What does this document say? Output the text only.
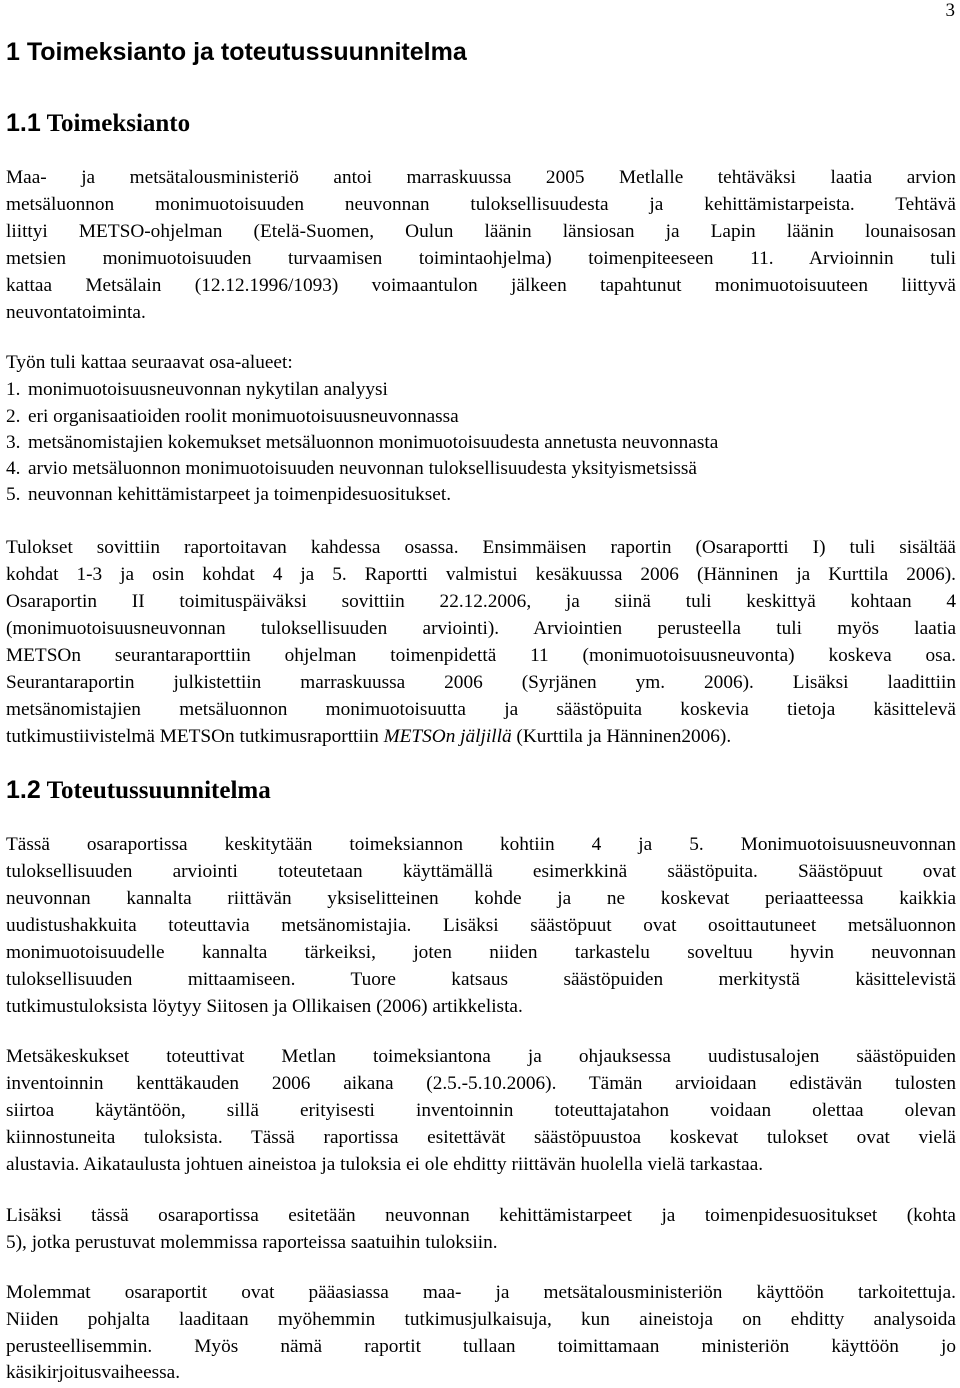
3
1 Toimeksianto ja toteutussuunnitelma
1.1 Toimeksianto
Maa- ja metsätalousministeriö antoi marraskuussa 2005 Metlalle tehtäväksi laatia arvion
metsäluonnon monimuotoisuuden neuvonnan tuloksellisuudesta ja kehittämistarpeista. Tehtävä
liittyi METSO-ohjelman (Etelä-Suomen, Oulun läänin länsiosan ja Lapin läänin lounaisosan
metsien monimuotoisuuden turvaamisen toimintaohjelma) toimenpiteeseen 11. Arvioinnin tuli
kattaa Metsälain (12.12.1996/1093) voimaantulon jälkeen tapahtunut monimuotoisuuteen liittyvä
neuvontatoiminta.
Työn tuli kattaa seuraavat osa-alueet:
1. monimuotoisuusneuvonnan nykytilan analyysi
2. eri organisaatioiden roolit monimuotoisuusneuvonnassa
3. metsänomistajien kokemukset metsäluonnon monimuotoisuudesta annetusta neuvonnasta
4. arvio metsäluonnon monimuotoisuuden neuvonnan tuloksellisuudesta yksityismetsissä
5. neuvonnan kehittämistarpeet ja toimenpidesuositukset.
Tulokset sovittiin raportoitavan kahdessa osassa. Ensimmäisen raportin (Osaraportti I) tuli sisältää
kohdat 1-3 ja osin kohdat 4 ja 5. Raportti valmistui kesäkuussa 2006 (Hänninen ja Kurttila 2006).
Osaraportin II toimituspäiväksi sovittiin 22.12.2006, ja siinä tuli keskittyä kohtaan 4
(monimuotoisuusneuvonnan tuloksellisuuden arviointi). Arviointien perusteella tuli myös laatia
METSOn seurantaraporttiin ohjelman toimenpidettä 11 (monimuotoisuusneuvonta) koskeva osa.
Seurantaraportin julkistettiin marraskuussa 2006 (Syrjänen ym. 2006). Lisäksi laadittiin
metsänomistajien metsäluonnon monimuotoisuutta ja säästöpuita koskevia tietoja käsittelevä
tutkimustiivistelmä METSOn tutkimusraporttiin METSOn jäljillä (Kurttila ja Hänninen2006).
1.2 Toteutussuunnitelma
Tässä osaraportissa keskitytään toimeksiannon kohtiin 4 ja 5. Monimuotoisuusneuvonnan
tuloksellisuuden arviointi toteutetaan käyttämällä esimerkkinä säästöpuita. Säästöpuut ovat
neuvonnan kannalta riittävän yksiselitteinen kohde ja ne koskevat periaatteessa kaikkia
uudistushakkuita toteuttavia metsänomistajia. Lisäksi säästöpuut ovat osoittautuneet metsäluonnon
monimuotoisuudelle kannalta tärkeiksi, joten niiden tarkastelu soveltuu hyvin neuvonnan
tuloksellisuuden mittaamiseen. Tuore katsaus säästöpuiden merkitystä käsittelevistä
tutkimustuloksista löytyy Siitosen ja Ollikaisen (2006) artikkelista.
Metsäkeskukset toteuttivat Metlan toimeksiantona ja ohjauksessa uudistusalojen säästöpuiden
inventoinnin kenttäkauden 2006 aikana (2.5.-5.10.2006). Tämän arvioidaan edistävän tulosten
siirtoa käytäntöön, sillä erityisesti inventoinnin toteuttajatahon voidaan olettaa olevan
kiinnostuneita tuloksista. Tässä raportissa esitettävät säästöpuustoa koskevat tulokset ovat vielä
alustavia. Aikataulusta johtuen aineistoa ja tuloksia ei ole ehditty riittävän huolella vielä tarkastaa.
Lisäksi tässä osaraportissa esitetään neuvonnan kehittämistarpeet ja toimenpidesuositukset (kohta
5), jotka perustuvat molemmissa raporteissa saatuihin tuloksiin.
Molemmat osaraportit ovat pääasiassa maa- ja metsätalousministeriön käyttöön tarkoitettuja.
Niiden pohjalta laaditaan myöhemmin tutkimusjulkaisuja, kun aineistoja on ehditty analysoida
perusteellisemmin. Myös nämä raportit tullaan toimittamaan ministeriön käyttöön jo
käsikirjoitusvaiheessa.
